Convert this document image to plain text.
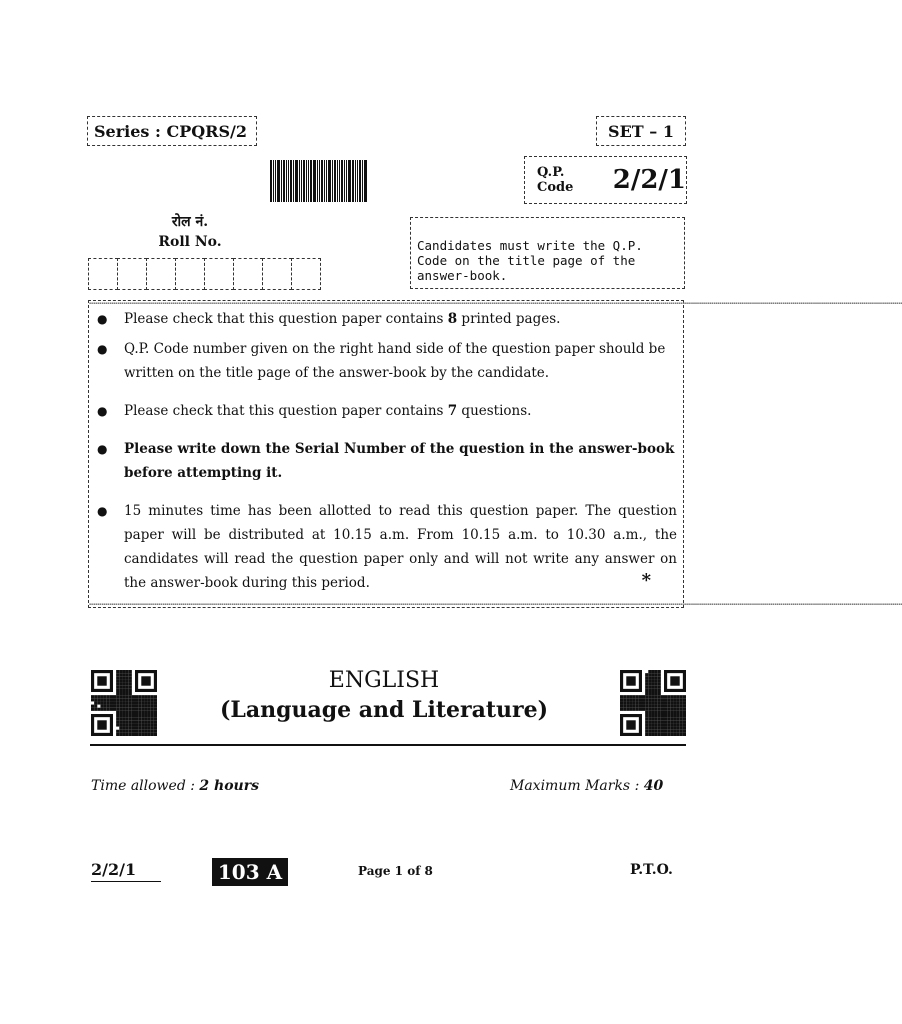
Series : CPQRS/2	SET – 1
Q.P. Code	2/2/1
रोल नं.
Roll No.	Candidates must write the Q.P. Code on the title page of the answer-book.
▪▪▪▪▪▪▪▪▪▪▪▪▪▪▪▪▪▪▪▪▪▪▪▪▪▪▪▪▪▪▪▪▪▪▪▪▪▪▪▪▪▪▪▪▪▪▪▪▪▪▪▪▪▪▪▪▪▪▪▪▪▪▪▪▪▪▪▪▪▪▪▪▪▪▪▪▪▪▪▪▪▪▪▪▪▪▪▪▪▪▪▪▪▪▪▪▪▪▪▪▪▪▪▪▪▪▪▪▪▪▪▪▪▪▪▪▪▪▪▪▪▪▪▪▪▪▪▪▪▪▪▪▪▪▪▪▪▪▪▪▪▪▪▪▪▪▪▪▪▪▪▪▪▪▪▪▪▪▪▪▪▪▪▪▪▪▪▪▪▪▪▪▪▪▪▪▪▪▪▪▪▪▪▪▪▪▪▪▪▪▪▪▪▪▪▪▪▪▪▪▪▪▪▪▪▪▪▪▪▪▪▪▪▪▪▪▪▪▪▪▪▪▪▪▪▪▪▪▪▪▪▪▪▪▪▪▪▪▪▪▪▪▪▪▪▪▪▪▪▪▪▪▪▪▪▪▪▪▪▪▪▪▪▪▪▪▪▪▪▪▪▪▪▪▪▪▪▪▪▪▪▪▪▪▪▪▪▪▪▪▪▪▪▪▪▪▪▪▪▪▪▪▪▪▪▪▪▪▪▪▪▪▪▪▪▪▪▪▪▪▪▪▪▪▪▪▪▪▪▪▪▪▪▪▪▪▪▪▪▪▪▪▪▪▪▪▪▪▪▪▪▪▪▪▪▪▪▪▪▪▪▪▪▪▪▪▪▪▪▪▪▪▪▪▪▪▪▪▪▪▪▪▪▪▪▪▪▪▪▪▪▪▪▪▪▪▪▪▪▪
● Please check that this question paper contains 8 printed pages.
● Q.P. Code number given on the right hand side of the question paper should be written on the title page of the answer-book by the candidate.
● Please check that this question paper contains 7 questions.
● Please write down the Serial Number of the question in the answer-book before attempting it.
● 15 minutes time has been allotted to read this question paper. The question paper will be distributed at 10.15 a.m. From 10.15 a.m. to 10.30 a.m., the candidates will read the question paper only and will not write any answer on the answer-book during this period.	*
▪▪▪▪▪▪▪▪▪▪▪▪▪▪▪▪▪▪▪▪▪▪▪▪▪▪▪▪▪▪▪▪▪▪▪▪▪▪▪▪▪▪▪▪▪▪▪▪▪▪▪▪▪▪▪▪▪▪▪▪▪▪▪▪▪▪▪▪▪▪▪▪▪▪▪▪▪▪▪▪▪▪▪▪▪▪▪▪▪▪▪▪▪▪▪▪▪▪▪▪▪▪▪▪▪▪▪▪▪▪▪▪▪▪▪▪▪▪▪▪▪▪▪▪▪▪▪▪▪▪▪▪▪▪▪▪▪▪▪▪▪▪▪▪▪▪▪▪▪▪▪▪▪▪▪▪▪▪▪▪▪▪▪▪▪▪▪▪▪▪▪▪▪▪▪▪▪▪▪▪▪▪▪▪▪▪▪▪▪▪▪▪▪▪▪▪▪▪▪▪▪▪▪▪▪▪▪▪▪▪▪▪▪▪▪▪▪▪▪▪▪▪▪▪▪▪▪▪▪▪▪▪▪▪▪▪▪▪▪▪▪▪▪▪▪▪▪▪▪▪▪▪▪▪▪▪▪▪▪▪▪▪▪▪▪▪▪▪▪▪▪▪▪▪▪▪▪▪▪▪▪▪▪▪▪▪▪▪▪▪▪▪▪▪▪▪▪▪▪▪▪▪▪▪▪▪▪▪▪▪▪▪▪▪▪▪▪▪▪▪▪▪▪▪▪▪▪▪▪▪▪▪▪▪▪▪▪▪▪▪▪▪▪▪▪▪▪▪▪▪▪▪▪▪▪▪▪▪▪▪▪▪▪▪▪▪▪▪▪▪▪▪▪▪▪▪▪▪▪▪▪▪▪▪▪▪▪▪▪▪▪▪▪▪▪▪▪▪▪▪
ENGLISH
(Language and Literature)
Time allowed : 2 hours	Maximum Marks : 40
2/2/1	103 A	Page 1 of 8	P.T.O.
